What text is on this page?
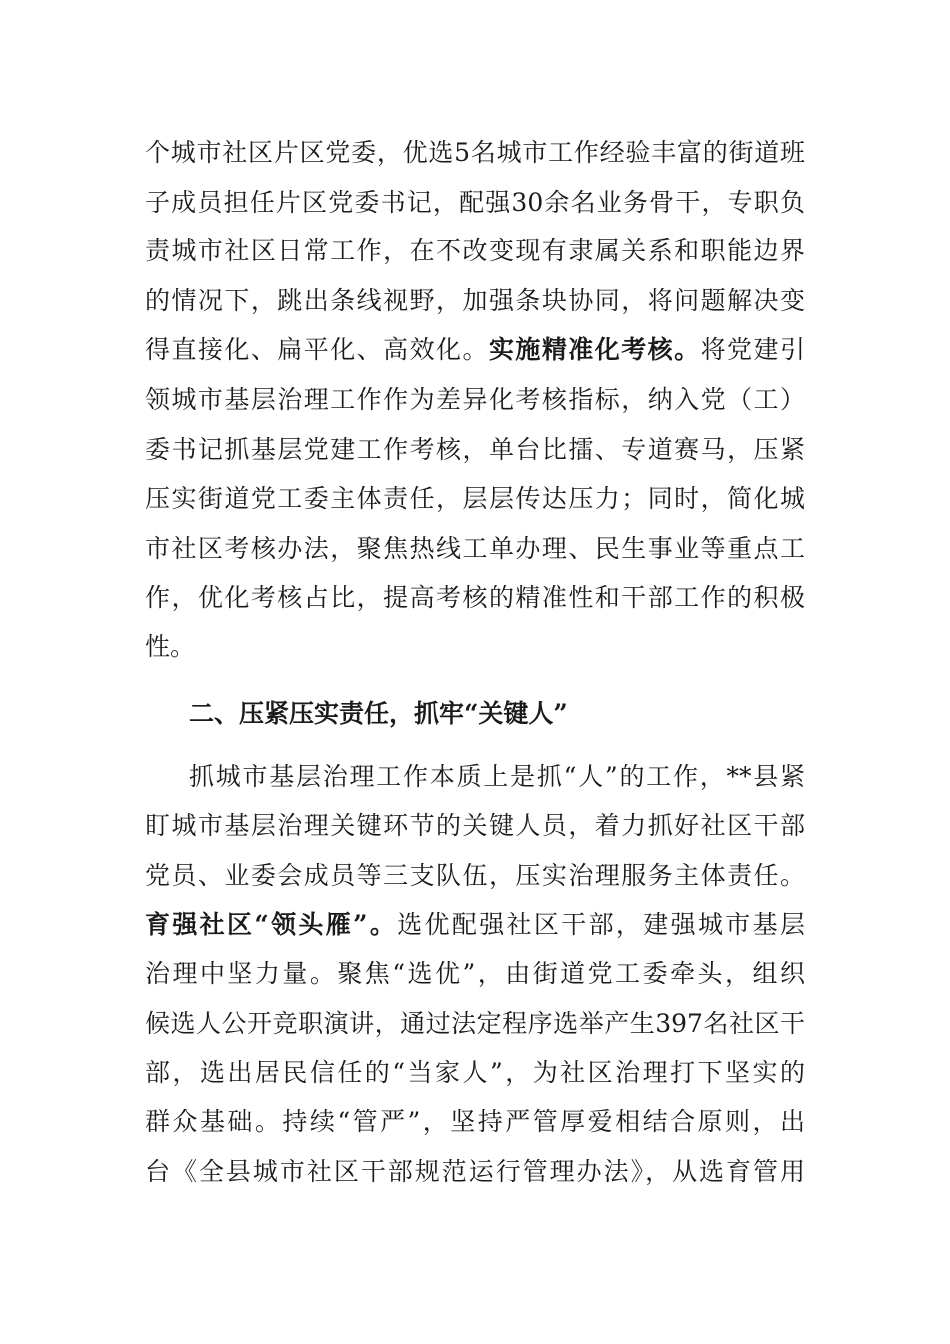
个城市社区片区党委，优选5名城市工作经验丰富的街道班
子成员担任片区党委书记，配强30余名业务骨干，专职负
责城市社区日常工作，在不改变现有隶属关系和职能边界
的情况下，跳出条线视野，加强条块协同，将问题解决变
得直接化、扁平化、高效化。实施精准化考核。将党建引
领城市基层治理工作作为差异化考核指标，纳入党（工）
委书记抓基层党建工作考核，单台比擂、专道赛马，压紧
压实街道党工委主体责任，层层传达压力；同时，简化城
市社区考核办法，聚焦热线工单办理、民生事业等重点工
作，优化考核占比，提高考核的精准性和干部工作的积极
性。
二、压紧压实责任，抓牢“关键人”
抓城市基层治理工作本质上是抓“人”的工作，**县紧
盯城市基层治理关键环节的关键人员，着力抓好社区干部
党员、业委会成员等三支队伍，压实治理服务主体责任。
育强社区“领头雁”。选优配强社区干部，建强城市基层
治理中坚力量。聚焦“选优”，由街道党工委牵头，组织
候选人公开竞职演讲，通过法定程序选举产生397名社区干
部，选出居民信任的“当家人”，为社区治理打下坚实的
群众基础。持续“管严”，坚持严管厚爱相结合原则，出
台《全县城市社区干部规范运行管理办法》，从选育管用
